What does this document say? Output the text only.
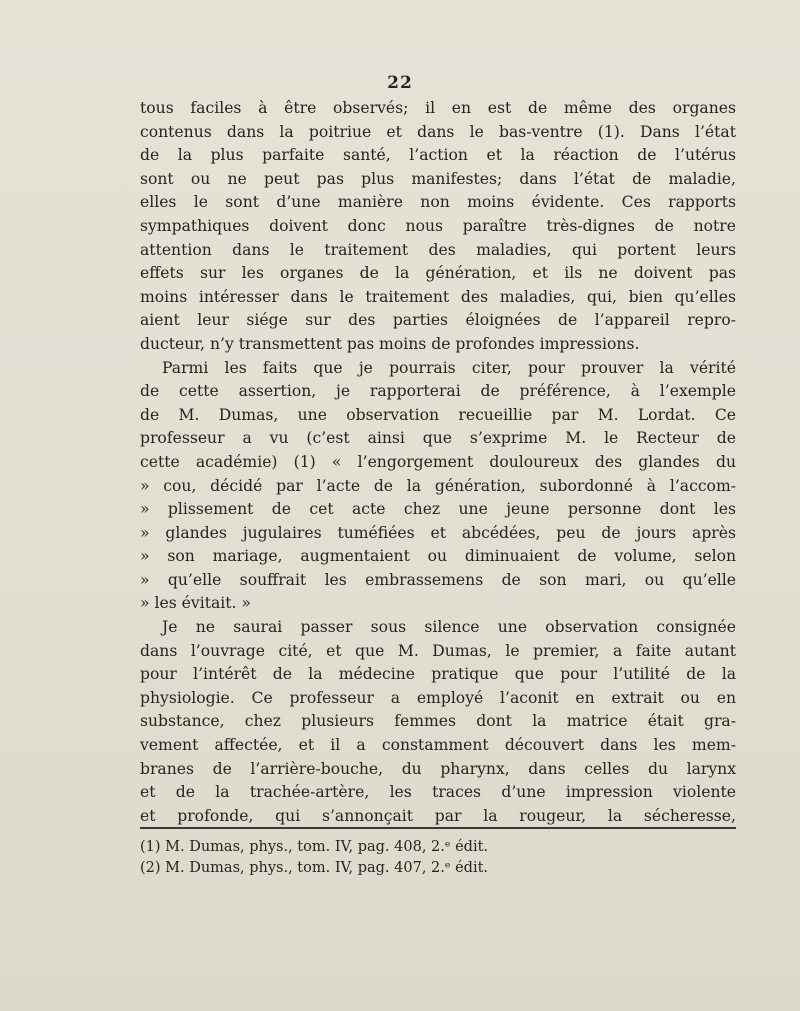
22
tous faciles à être observés; il en est de même des organes
contenus dans la poitriue et dans le bas-ventre (1). Dans l’état
de la plus parfaite santé, l’action et la réaction de l’utérus
sont ou ne peut pas plus manifestes; dans l’état de maladie,
elles le sont d’une manière non moins évidente. Ces rapports
sympathiques doivent donc nous paraître très-dignes de notre
attention dans le traitement des maladies, qui portent leurs
effets sur les organes de la génération, et ils ne doivent pas
moins intéresser dans le traitement des maladies, qui, bien qu’elles
aient leur siége sur des parties éloignées de l’appareil repro-
ducteur, n’y transmettent pas moins de profondes impressions.
Parmi les faits que je pourrais citer, pour prouver la vérité
de cette assertion, je rapporterai de préférence, à l’exemple
de M. Dumas, une observation recueillie par M. Lordat. Ce
professeur a vu (c’est ainsi que s’exprime M. le Recteur de
cette académie) (1) « l’engorgement douloureux des glandes du
» cou, décidé par l’acte de la génération, subordonné à l’accom-
» plissement de cet acte chez une jeune personne dont les
» glandes jugulaires tuméfiées et abcédées, peu de jours après
» son mariage, augmentaient ou diminuaient de volume, selon
» qu’elle souffrait les embrassemens de son mari, ou qu’elle
» les évitait. »
Je ne saurai passer sous silence une observation consignée
dans l’ouvrage cité, et que M. Dumas, le premier, a faite autant
pour l’intérêt de la médecine pratique que pour l’utilité de la
physiologie. Ce professeur a employé l’aconit en extrait ou en
substance, chez plusieurs femmes dont la matrice était gra-
vement affectée, et il a constamment découvert dans les mem-
branes de l’arrière-bouche, du pharynx, dans celles du larynx
et de la trachée-artère, les traces d’une impression violente
et profonde, qui s’annonçait par la rougeur, la sécheresse,
(1) M. Dumas, phys., tom. IV, pag. 408, 2.ᵉ édit.
(2) M. Dumas, phys., tom. IV, pag. 407, 2.ᵉ édit.
